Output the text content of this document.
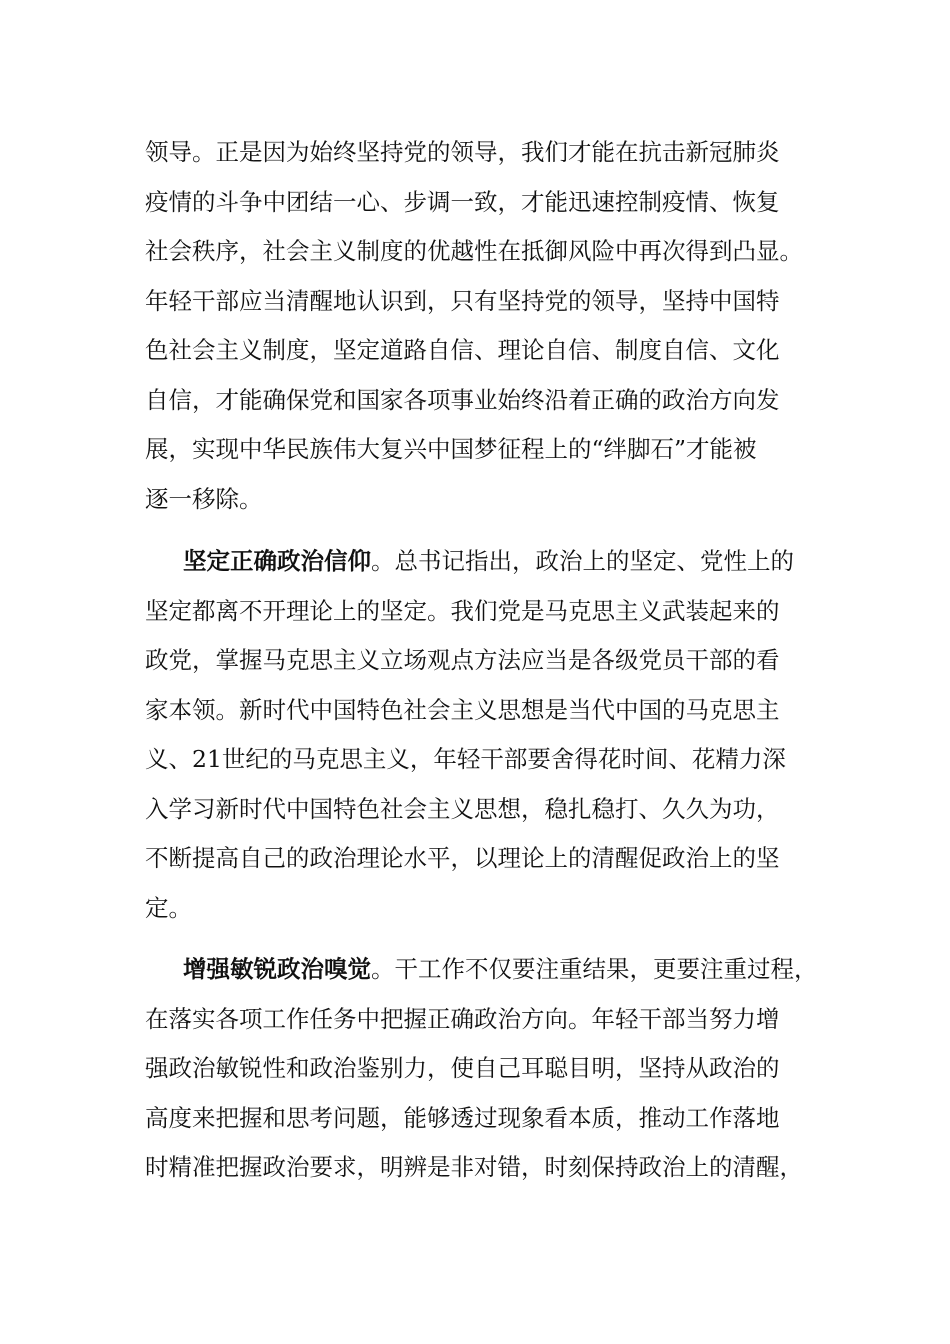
领导。正是因为始终坚持党的领导，我们才能在抗击新冠肺炎
疫情的斗争中团结一心、步调一致，才能迅速控制疫情、恢复
社会秩序，社会主义制度的优越性在抵御风险中再次得到凸显。
年轻干部应当清醒地认识到，只有坚持党的领导，坚持中国特
色社会主义制度，坚定道路自信、理论自信、制度自信、文化
自信，才能确保党和国家各项事业始终沿着正确的政治方向发
展，实现中华民族伟大复兴中国梦征程上的“绊脚石”才能被
逐一移除。
坚定正确政治信仰。总书记指出，政治上的坚定、党性上的
坚定都离不开理论上的坚定。我们党是马克思主义武装起来的
政党，掌握马克思主义立场观点方法应当是各级党员干部的看
家本领。新时代中国特色社会主义思想是当代中国的马克思主
义、21世纪的马克思主义，年轻干部要舍得花时间、花精力深
入学习新时代中国特色社会主义思想，稳扎稳打、久久为功，
不断提高自己的政治理论水平，以理论上的清醒促政治上的坚
定。
增强敏锐政治嗅觉。干工作不仅要注重结果，更要注重过程，
在落实各项工作任务中把握正确政治方向。年轻干部当努力增
强政治敏锐性和政治鉴别力，使自己耳聪目明，坚持从政治的
高度来把握和思考问题，能够透过现象看本质，推动工作落地
时精准把握政治要求，明辨是非对错，时刻保持政治上的清醒，
